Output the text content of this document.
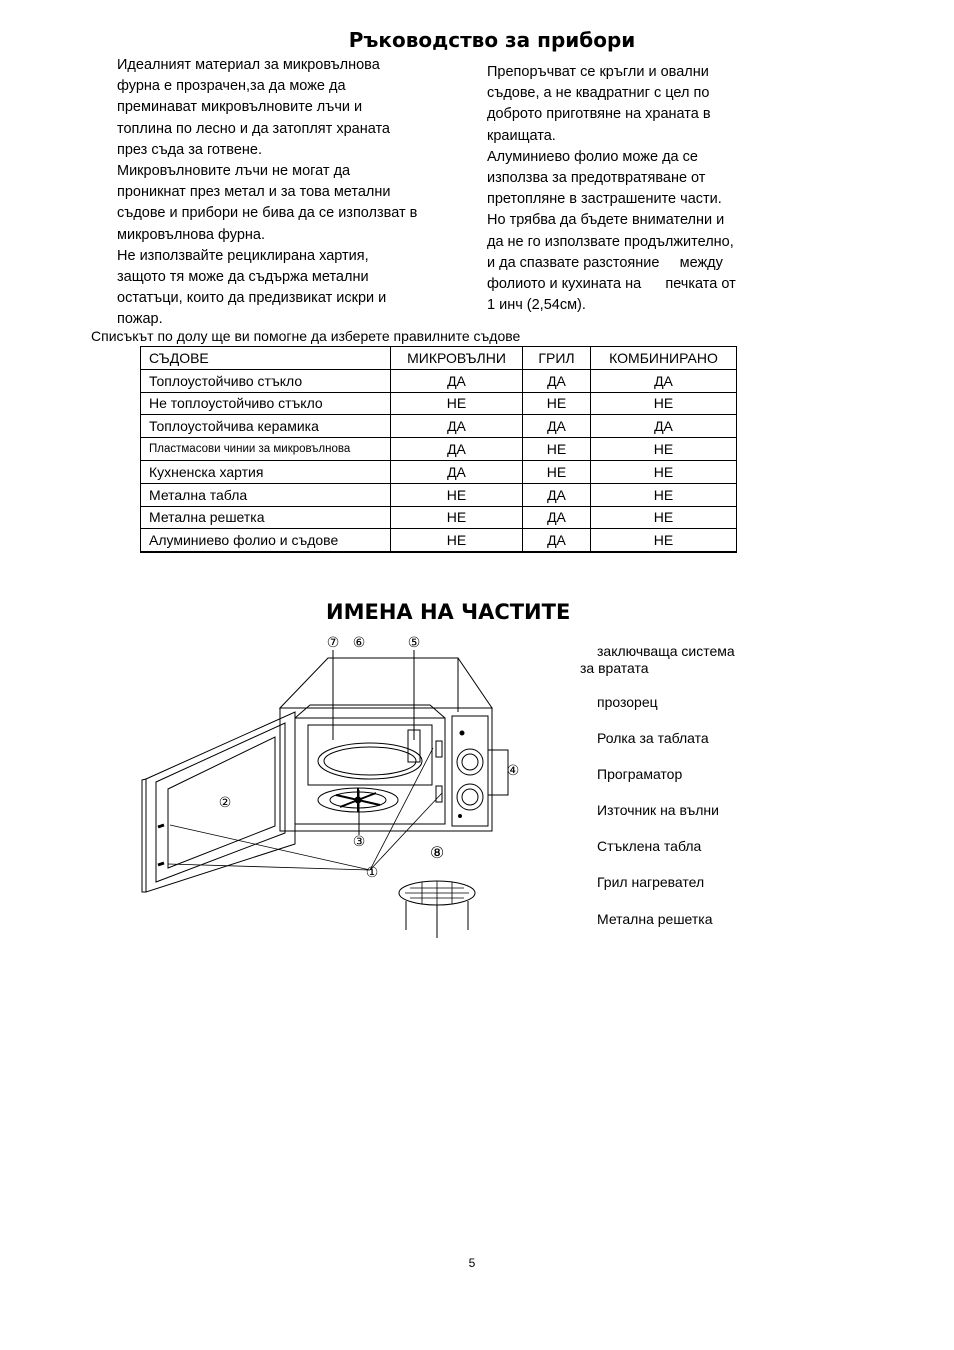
Ръководство за прибори
Идеалният материал за микровълнова
фурна е прозрачен,за да може да
преминават микровълновите лъчи и
топлина по лесно и да затоплят храната
през съда за готвене.
Микровълновите лъчи не могат да
проникнат през метал и за това метални
съдове и прибори не бива да се използват в
микровълнова фурна.
Не използвайте рециклирана хартия,
защото тя може да съдържа метални
остатъци, които да предизвикат искри и
пожар.
Препоръчват се кръгли и овални
съдове, а не квадратниг с цел по
доброто приготвяне на храната в
краищата.
Алуминиево фолио може да се
използва за предотвратяване от
претопляне в застрашените части.
Но трябва да бъдете внимателни и
да не го използвате продължително,
и да спазвате разстояние     между
фолиото и кухината на      печката от
1 инч (2,54см).
Списъкът по долу ще ви помогне да изберете правилните съдове
СЪДОВЕ	МИКРОВЪЛНИ	ГРИЛ	КОМБИНИРАНО
Топлоустойчиво стъкло	ДА	ДА	ДА
Не топлоустойчиво стъкло	НЕ	НЕ	НЕ
Топлоустойчива керамика	ДА	ДА	ДА
Пластмасови чинии за микровълнова	ДА	НЕ	НЕ
Кухненска хартия	ДА	НЕ	НЕ
Метална табла	НЕ	ДА	НЕ
Метална решетка	НЕ	ДА	НЕ
Алуминиево фолио и съдове	НЕ	ДА	НЕ
ИМЕНА НА ЧАСТИТЕ
⑦ ⑥	⑤
②
③
④
①
⑧
заключваща система
за вратата
прозорец
Ролка за таблата
Програматор
Източник на вълни
Стъклена табла
Грил нагревател
Метална решетка
5
